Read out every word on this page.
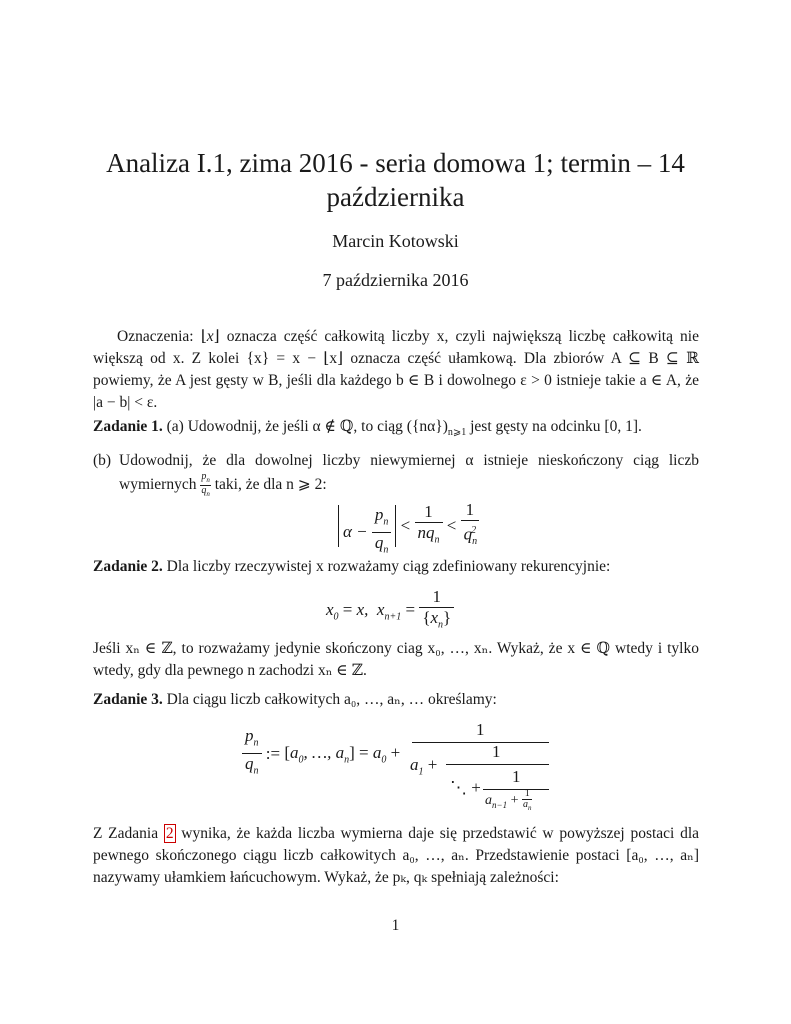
Analiza I.1, zima 2016 - seria domowa 1; termin – 14 października
Marcin Kotowski
7 października 2016
Oznaczenia: ⌊x⌋ oznacza część całkowitą liczby x, czyli największą liczbę całkowitą nie większą od x. Z kolei {x} = x − ⌊x⌋ oznacza część ułamkową. Dla zbiorów A ⊆ B ⊆ ℝ powiemy, że A jest gęsty w B, jeśli dla każdego b ∈ B i dowolnego ε > 0 istnieje takie a ∈ A, że |a − b| < ε.
Zadanie 1. (a) Udowodnij, że jeśli α ∉ ℚ, to ciąg $(\{n\alpha\})_{n⩾1}$ jest gęsty na odcinku [0, 1].
(b) Udowodnij, że dla dowolnej liczby niewymiernej α istnieje nieskończony ciąg liczb wymiernych $\frac{p_n}{q_n}$ taki, że dla n ⩾ 2:
$\alpha - \frac{p_n}{q_n} < \frac{1}{nq_n} < \frac{1}{q_n^2}$
Zadanie 2. Dla liczby rzeczywistej x rozważamy ciąg zdefiniowany rekurencyjnie:
$x_0 = x$,  $x_{n+1} = \frac{1}{\{x_n\}}$
Jeśli xₙ ∈ ℤ, to rozważamy jedynie skończony ciag x₀, …, xₙ. Wykaż, że x ∈ ℚ wtedy i tylko wtedy, gdy dla pewnego n zachodzi xₙ ∈ ℤ.
Zadanie 3. Dla ciągu liczb całkowitych a₀, …, aₙ, … określamy:
$\frac{p_n}{q_n}$ := [$a_0$, …, $a_n] = a_0$ +
1
$a_1$ +
1
⋱ +
1
$a_{n-1} + \frac{1}{a_n}$
Z Zadania 2 wynika, że każda liczba wymierna daje się przedstawić w powyższej postaci dla pewnego skończonego ciągu liczb całkowitych a₀, …, aₙ. Przedstawienie postaci [a₀, …, aₙ] nazywamy ułamkiem łańcuchowym. Wykaż, że pₖ, qₖ spełniają zależności:
1
